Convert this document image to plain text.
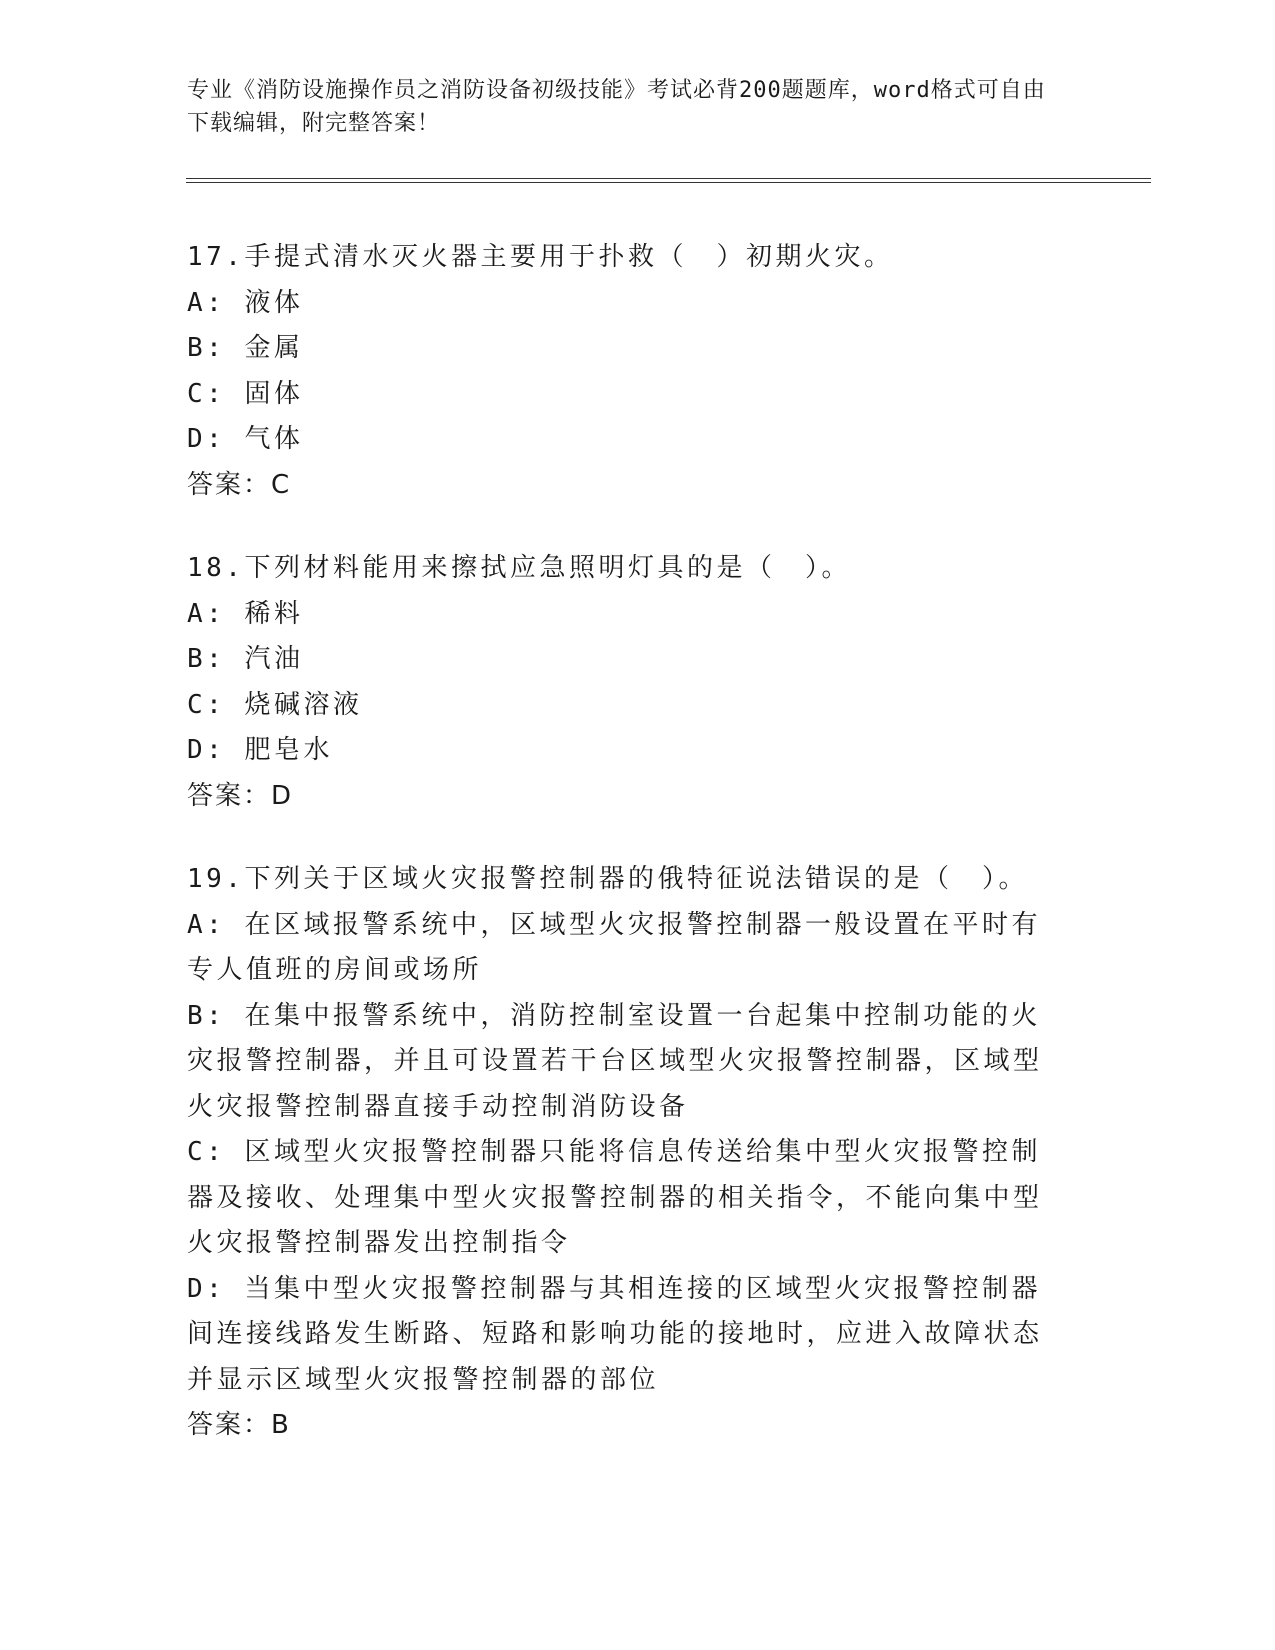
专业《消防设施操作员之消防设备初级技能》考试必背200题题库，word格式可自由下载编辑，附完整答案！
17.手提式清水灭火器主要用于扑救（　）初期火灾。
A: 液体
B: 金属
C: 固体
D: 气体
答案：C
18.下列材料能用来擦拭应急照明灯具的是（　）。
A: 稀料
B: 汽油
C: 烧碱溶液
D: 肥皂水
答案：D
19.下列关于区域火灾报警控制器的俄特征说法错误的是（　）。
A: 在区域报警系统中，区域型火灾报警控制器一般设置在平时有专人值班的房间或场所
B: 在集中报警系统中，消防控制室设置一台起集中控制功能的火灾报警控制器，并且可设置若干台区域型火灾报警控制器，区域型火灾报警控制器直接手动控制消防设备
C: 区域型火灾报警控制器只能将信息传送给集中型火灾报警控制器及接收、处理集中型火灾报警控制器的相关指令，不能向集中型火灾报警控制器发出控制指令
D: 当集中型火灾报警控制器与其相连接的区域型火灾报警控制器间连接线路发生断路、短路和影响功能的接地时，应进入故障状态并显示区域型火灾报警控制器的部位
答案：B
